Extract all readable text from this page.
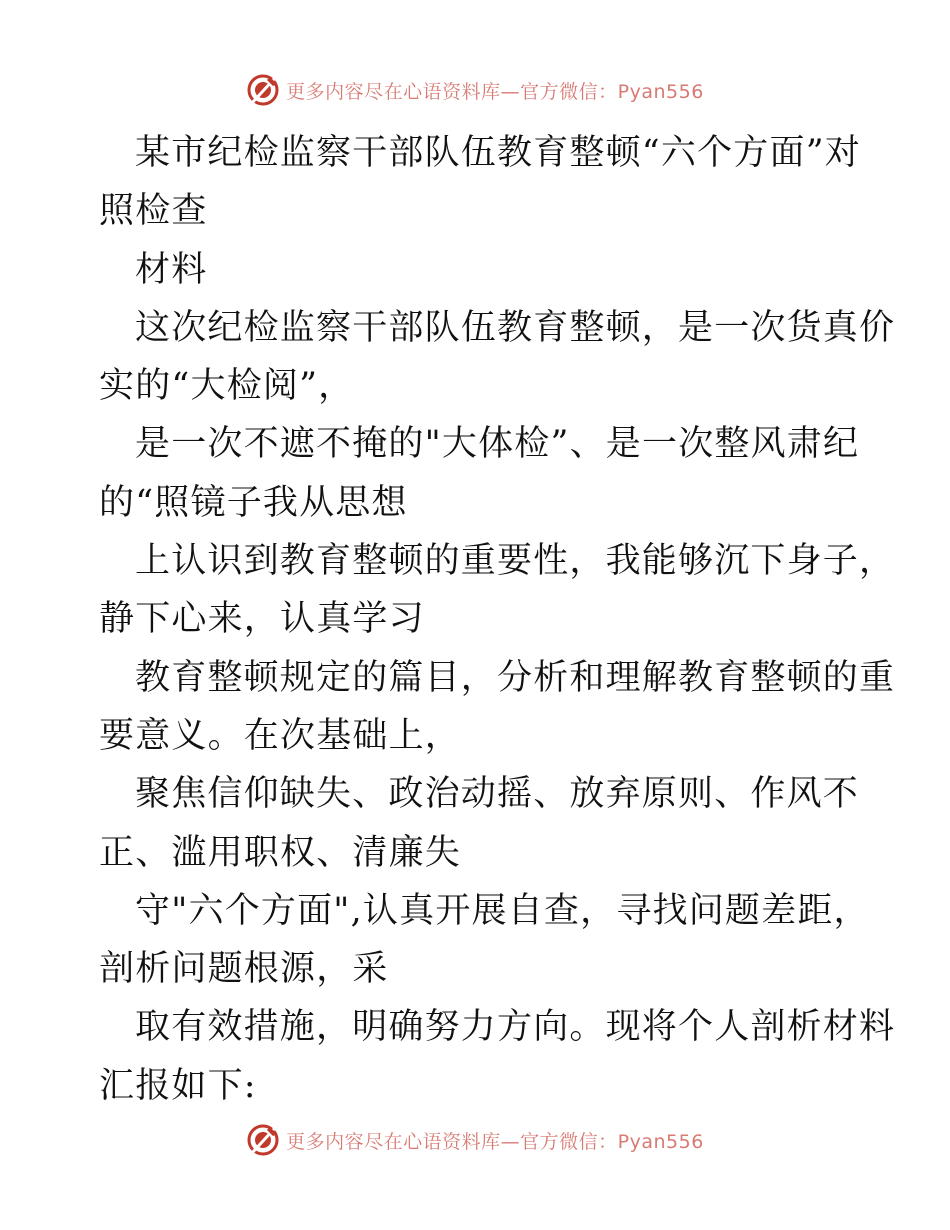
更多内容尽在心语资料库—官方微信：Pyan556
某市纪检监察干部队伍教育整顿“六个方面”对
照检查
材料
这次纪检监察干部队伍教育整顿，是一次货真价
实的“大检阅”，
是一次不遮不掩的"大体检”、是一次整风肃纪
的“照镜子我从思想
上认识到教育整顿的重要性，我能够沉下身子，
静下心来，认真学习
教育整顿规定的篇目，分析和理解教育整顿的重
要意义。在次基础上，
聚焦信仰缺失、政治动摇、放弃原则、作风不
正、滥用职权、清廉失
守"六个方面",认真开展自查，寻找问题差距，
剖析问题根源，采
取有效措施，明确努力方向。现将个人剖析材料
汇报如下:
更多内容尽在心语资料库—官方微信：Pyan556
